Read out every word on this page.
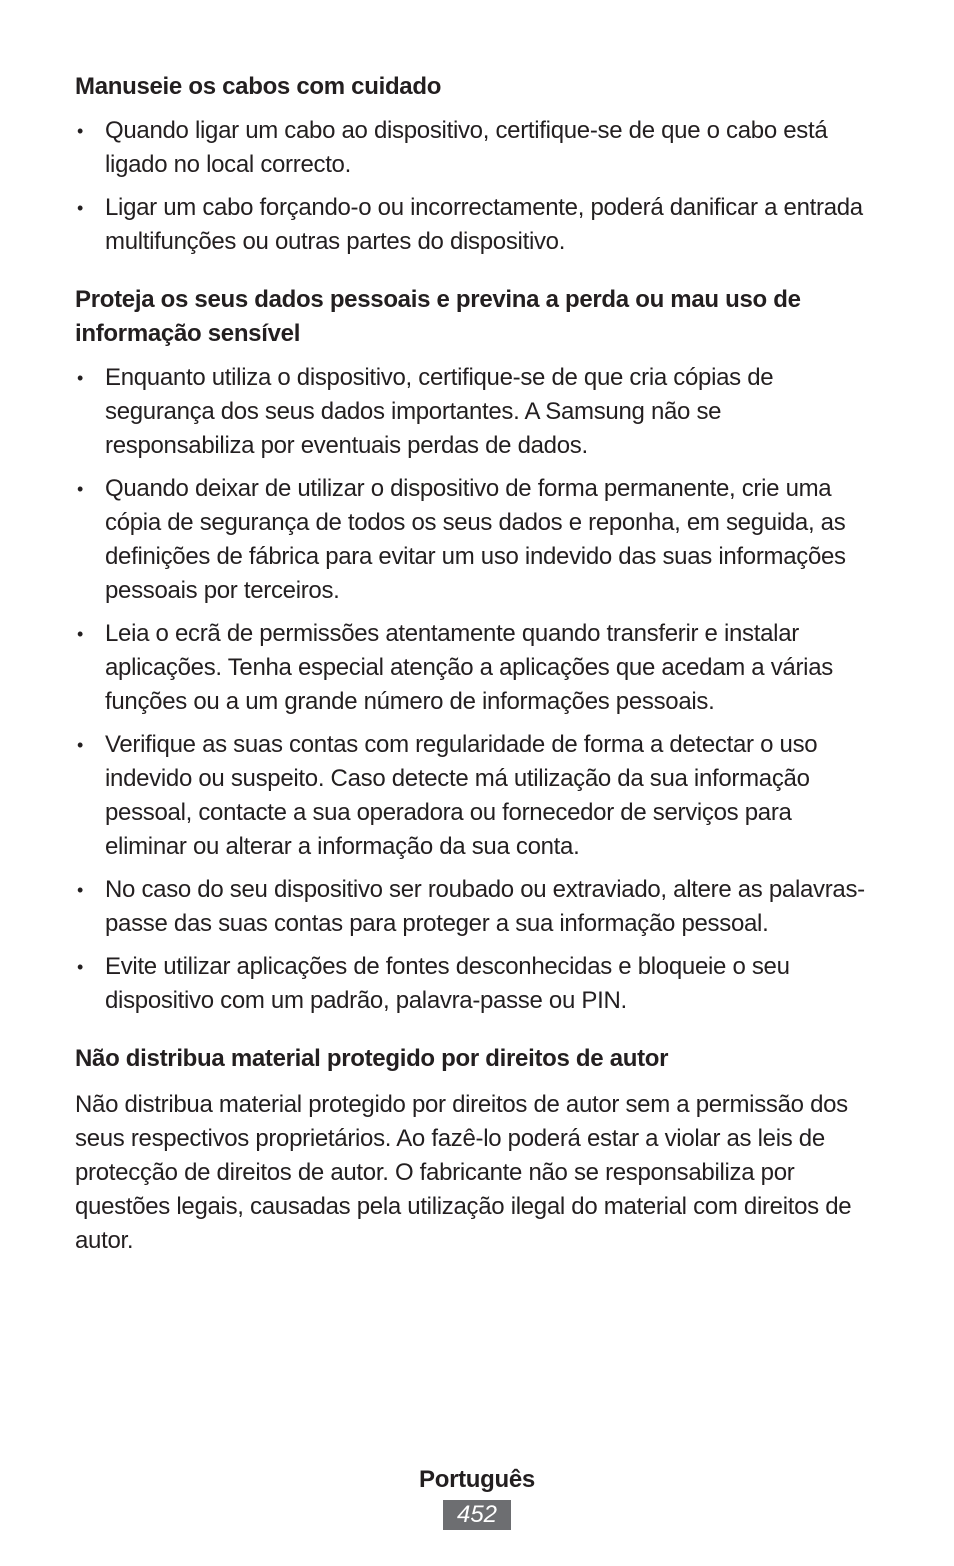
Manuseie os cabos com cuidado
• Quando ligar um cabo ao dispositivo, certifique-se de que o cabo está ligado no local correcto.
• Ligar um cabo forçando-o ou incorrectamente, poderá danificar a entrada multifunções ou outras partes do dispositivo.
Proteja os seus dados pessoais e previna a perda ou mau uso de informação sensível
• Enquanto utiliza o dispositivo, certifique-se de que cria cópias de segurança dos seus dados importantes. A Samsung não se responsabiliza por eventuais perdas de dados.
• Quando deixar de utilizar o dispositivo de forma permanente, crie uma cópia de segurança de todos os seus dados e reponha, em seguida, as definições de fábrica para evitar um uso indevido das suas informações pessoais por terceiros.
• Leia o ecrã de permissões atentamente quando transferir e instalar aplicações. Tenha especial atenção a aplicações que acedam a várias funções ou a um grande número de informações pessoais.
• Verifique as suas contas com regularidade de forma a detectar o uso indevido ou suspeito. Caso detecte má utilização da sua informação pessoal, contacte a sua operadora ou fornecedor de serviços para eliminar ou alterar a informação da sua conta.
• No caso do seu dispositivo ser roubado ou extraviado, altere as palavras-passe das suas contas para proteger a sua informação pessoal.
• Evite utilizar aplicações de fontes desconhecidas e bloqueie o seu dispositivo com um padrão, palavra-passe ou PIN.
Não distribua material protegido por direitos de autor

Não distribua material protegido por direitos de autor sem a permissão dos seus respectivos proprietários. Ao fazê-lo poderá estar a violar as leis de protecção de direitos de autor. O fabricante não se responsabiliza por questões legais, causadas pela utilização ilegal do material com direitos de autor.

Português
452
